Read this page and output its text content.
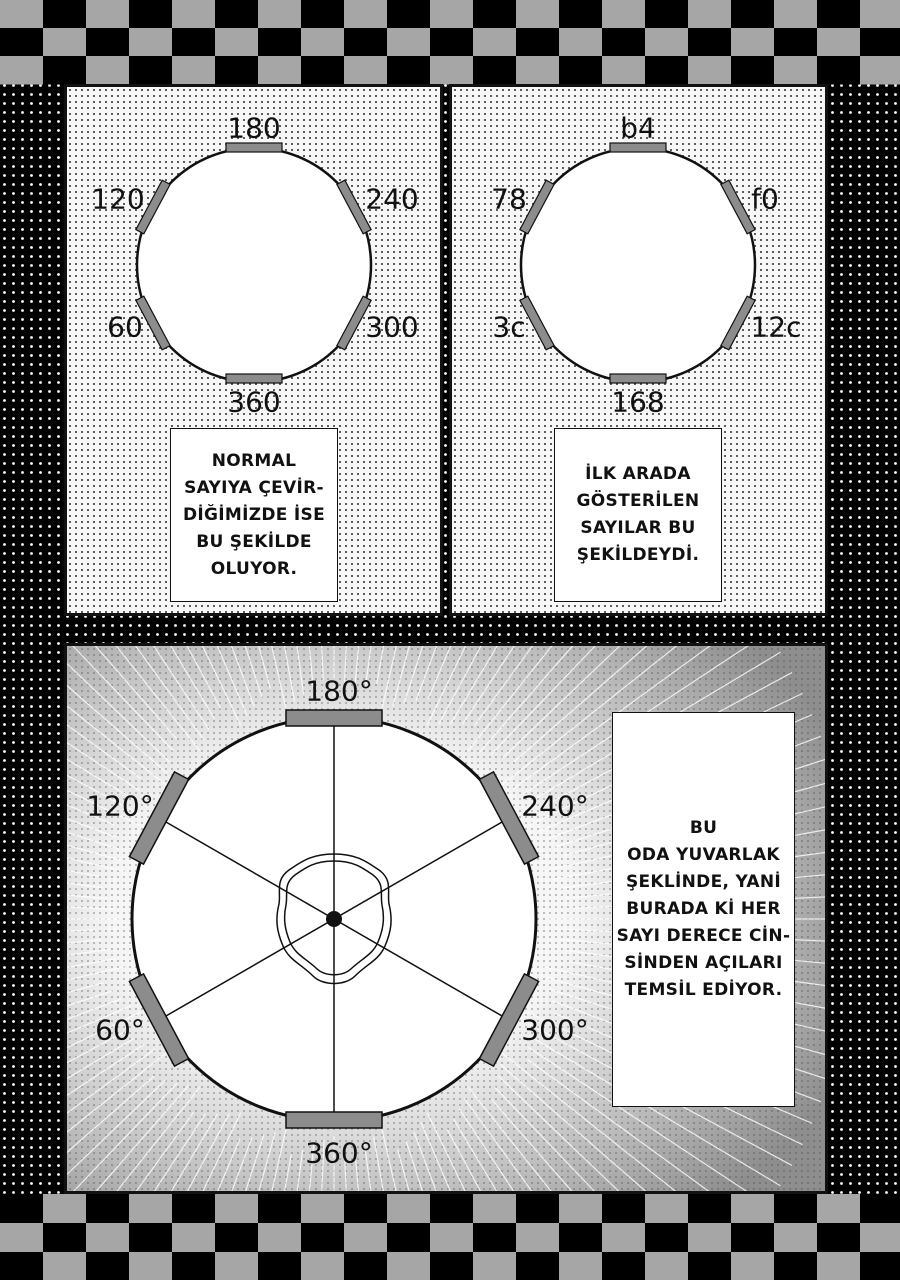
180
120	240
60	300
360
NORMAL
SAYIYA ÇEVİR-
DİĞİMİZDE İSE
BU ŞEKİLDE
OLUYOR.
b4
78	f0
3c	12c
168
İLK ARADA
GÖSTERİLEN
SAYILAR BU
ŞEKİLDEYDİ.
180°
120°	240°
60°	300°
360°
BU
ODA YUVARLAK
ŞEKLİNDE, YANİ
BURADA Kİ HER
SAYI DERECE CİN-
SİNDEN AÇILARI
TEMSİL EDİYOR.
